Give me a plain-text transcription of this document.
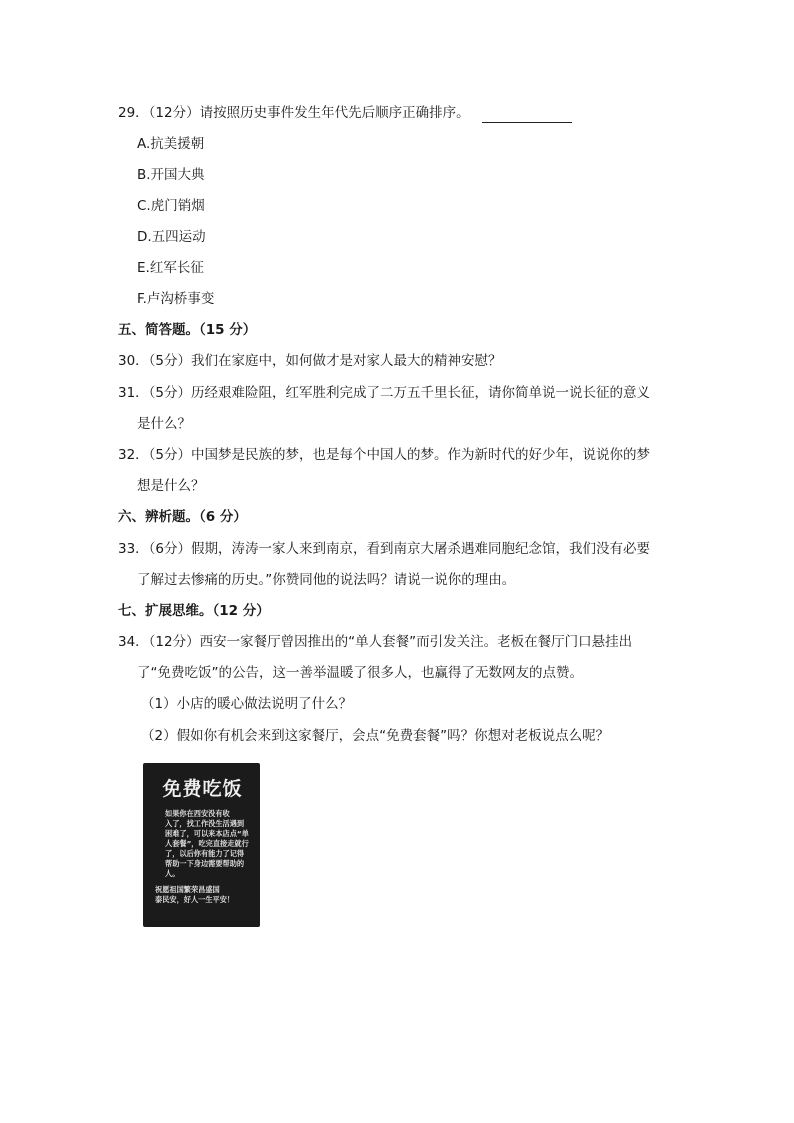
29．（12分）请按照历史事件发生年代先后顺序正确排序。
A.抗美援朝
B.开国大典
C.虎门销烟
D.五四运动
E.红军长征
F.卢沟桥事变
五、简答题。（15 分）
30．（5分）我们在家庭中，如何做才是对家人最大的精神安慰？
31．（5分）历经艰难险阻，红军胜利完成了二万五千里长征，请你简单说一说长征的意义
是什么？
32．（5分）中国梦是民族的梦，也是每个中国人的梦。作为新时代的好少年，说说你的梦
想是什么？
六、辨析题。（6 分）
33．（6分）假期，涛涛一家人来到南京，看到南京大屠杀遇难同胞纪念馆，我们没有必要
了解过去惨痛的历史。”你赞同他的说法吗？请说一说你的理由。
七、扩展思维。（12 分）
34．（12分）西安一家餐厅曾因推出的“单人套餐”而引发关注。老板在餐厅门口悬挂出
了“免费吃饭”的公告，这一善举温暖了很多人，也赢得了无数网友的点赞。
（1）小店的暖心做法说明了什么？
（2）假如你有机会来到这家餐厅，会点“免费套餐”吗？你想对老板说点么呢？
免费吃饭
如果你在西安没有收
入了，找工作没生活遇到
困难了，可以来本店点“单
人套餐”，吃完直接走就行
了，以后你有能力了记得
帮助一下身边需要帮助的
人。
祝愿祖国繁荣昌盛国
泰民安，好人一生平安！
